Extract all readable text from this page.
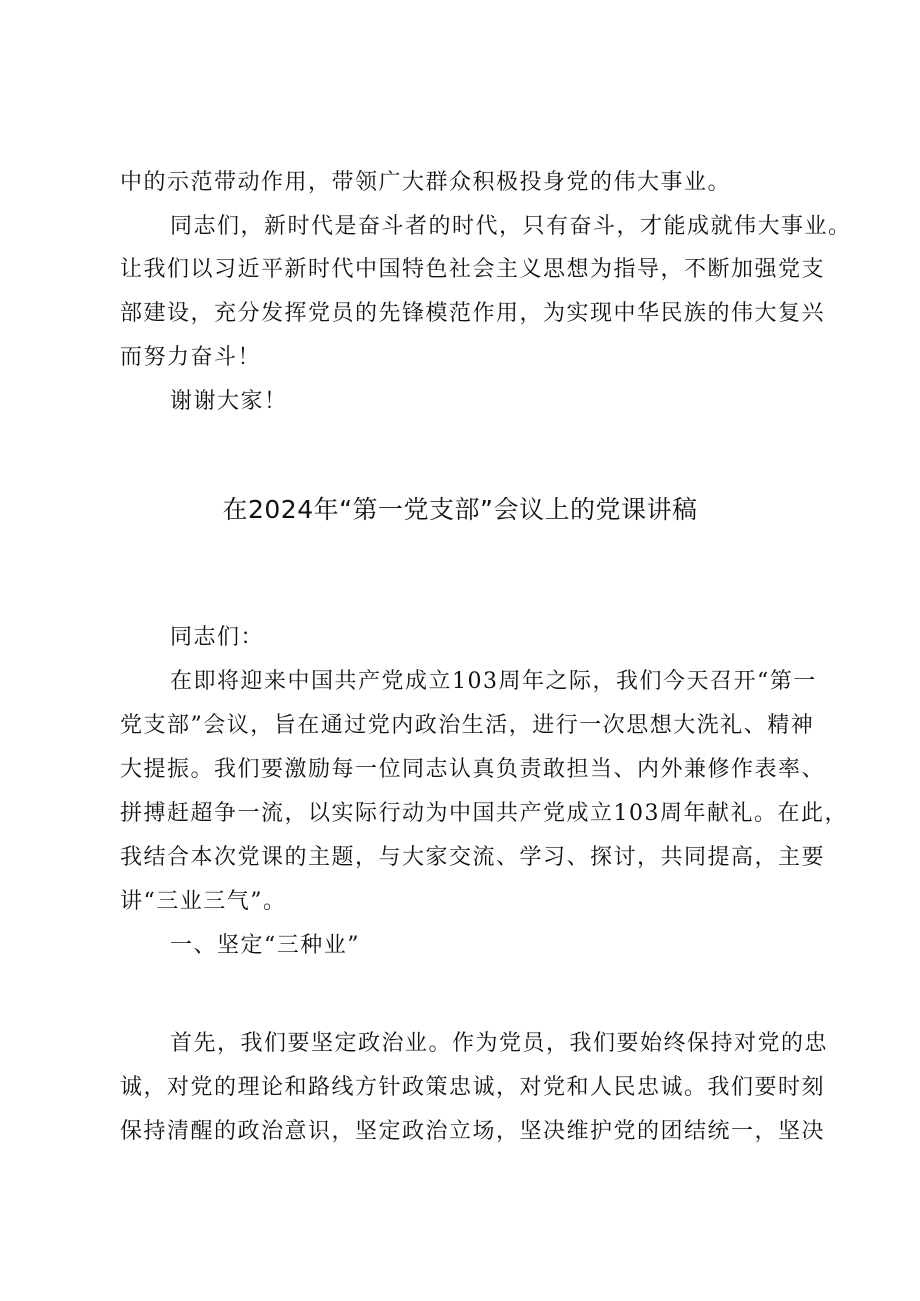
中的示范带动作用，带领广大群众积极投身党的伟大事业。
同志们，新时代是奋斗者的时代，只有奋斗，才能成就伟大事业。
让我们以习近平新时代中国特色社会主义思想为指导，不断加强党支
部建设，充分发挥党员的先锋模范作用，为实现中华民族的伟大复兴
而努力奋斗！
谢谢大家！
在2024年“第一党支部”会议上的党课讲稿
同志们：
在即将迎来中国共产党成立103周年之际，我们今天召开“第一
党支部”会议，旨在通过党内政治生活，进行一次思想大洗礼、精神
大提振。我们要激励每一位同志认真负责敢担当、内外兼修作表率、
拼搏赶超争一流，以实际行动为中国共产党成立103周年献礼。在此，
我结合本次党课的主题，与大家交流、学习、探讨，共同提高，主要
讲“三业三气”。
一、坚定“三种业”
首先，我们要坚定政治业。作为党员，我们要始终保持对党的忠
诚，对党的理论和路线方针政策忠诚，对党和人民忠诚。我们要时刻
保持清醒的政治意识，坚定政治立场，坚决维护党的团结统一，坚决
